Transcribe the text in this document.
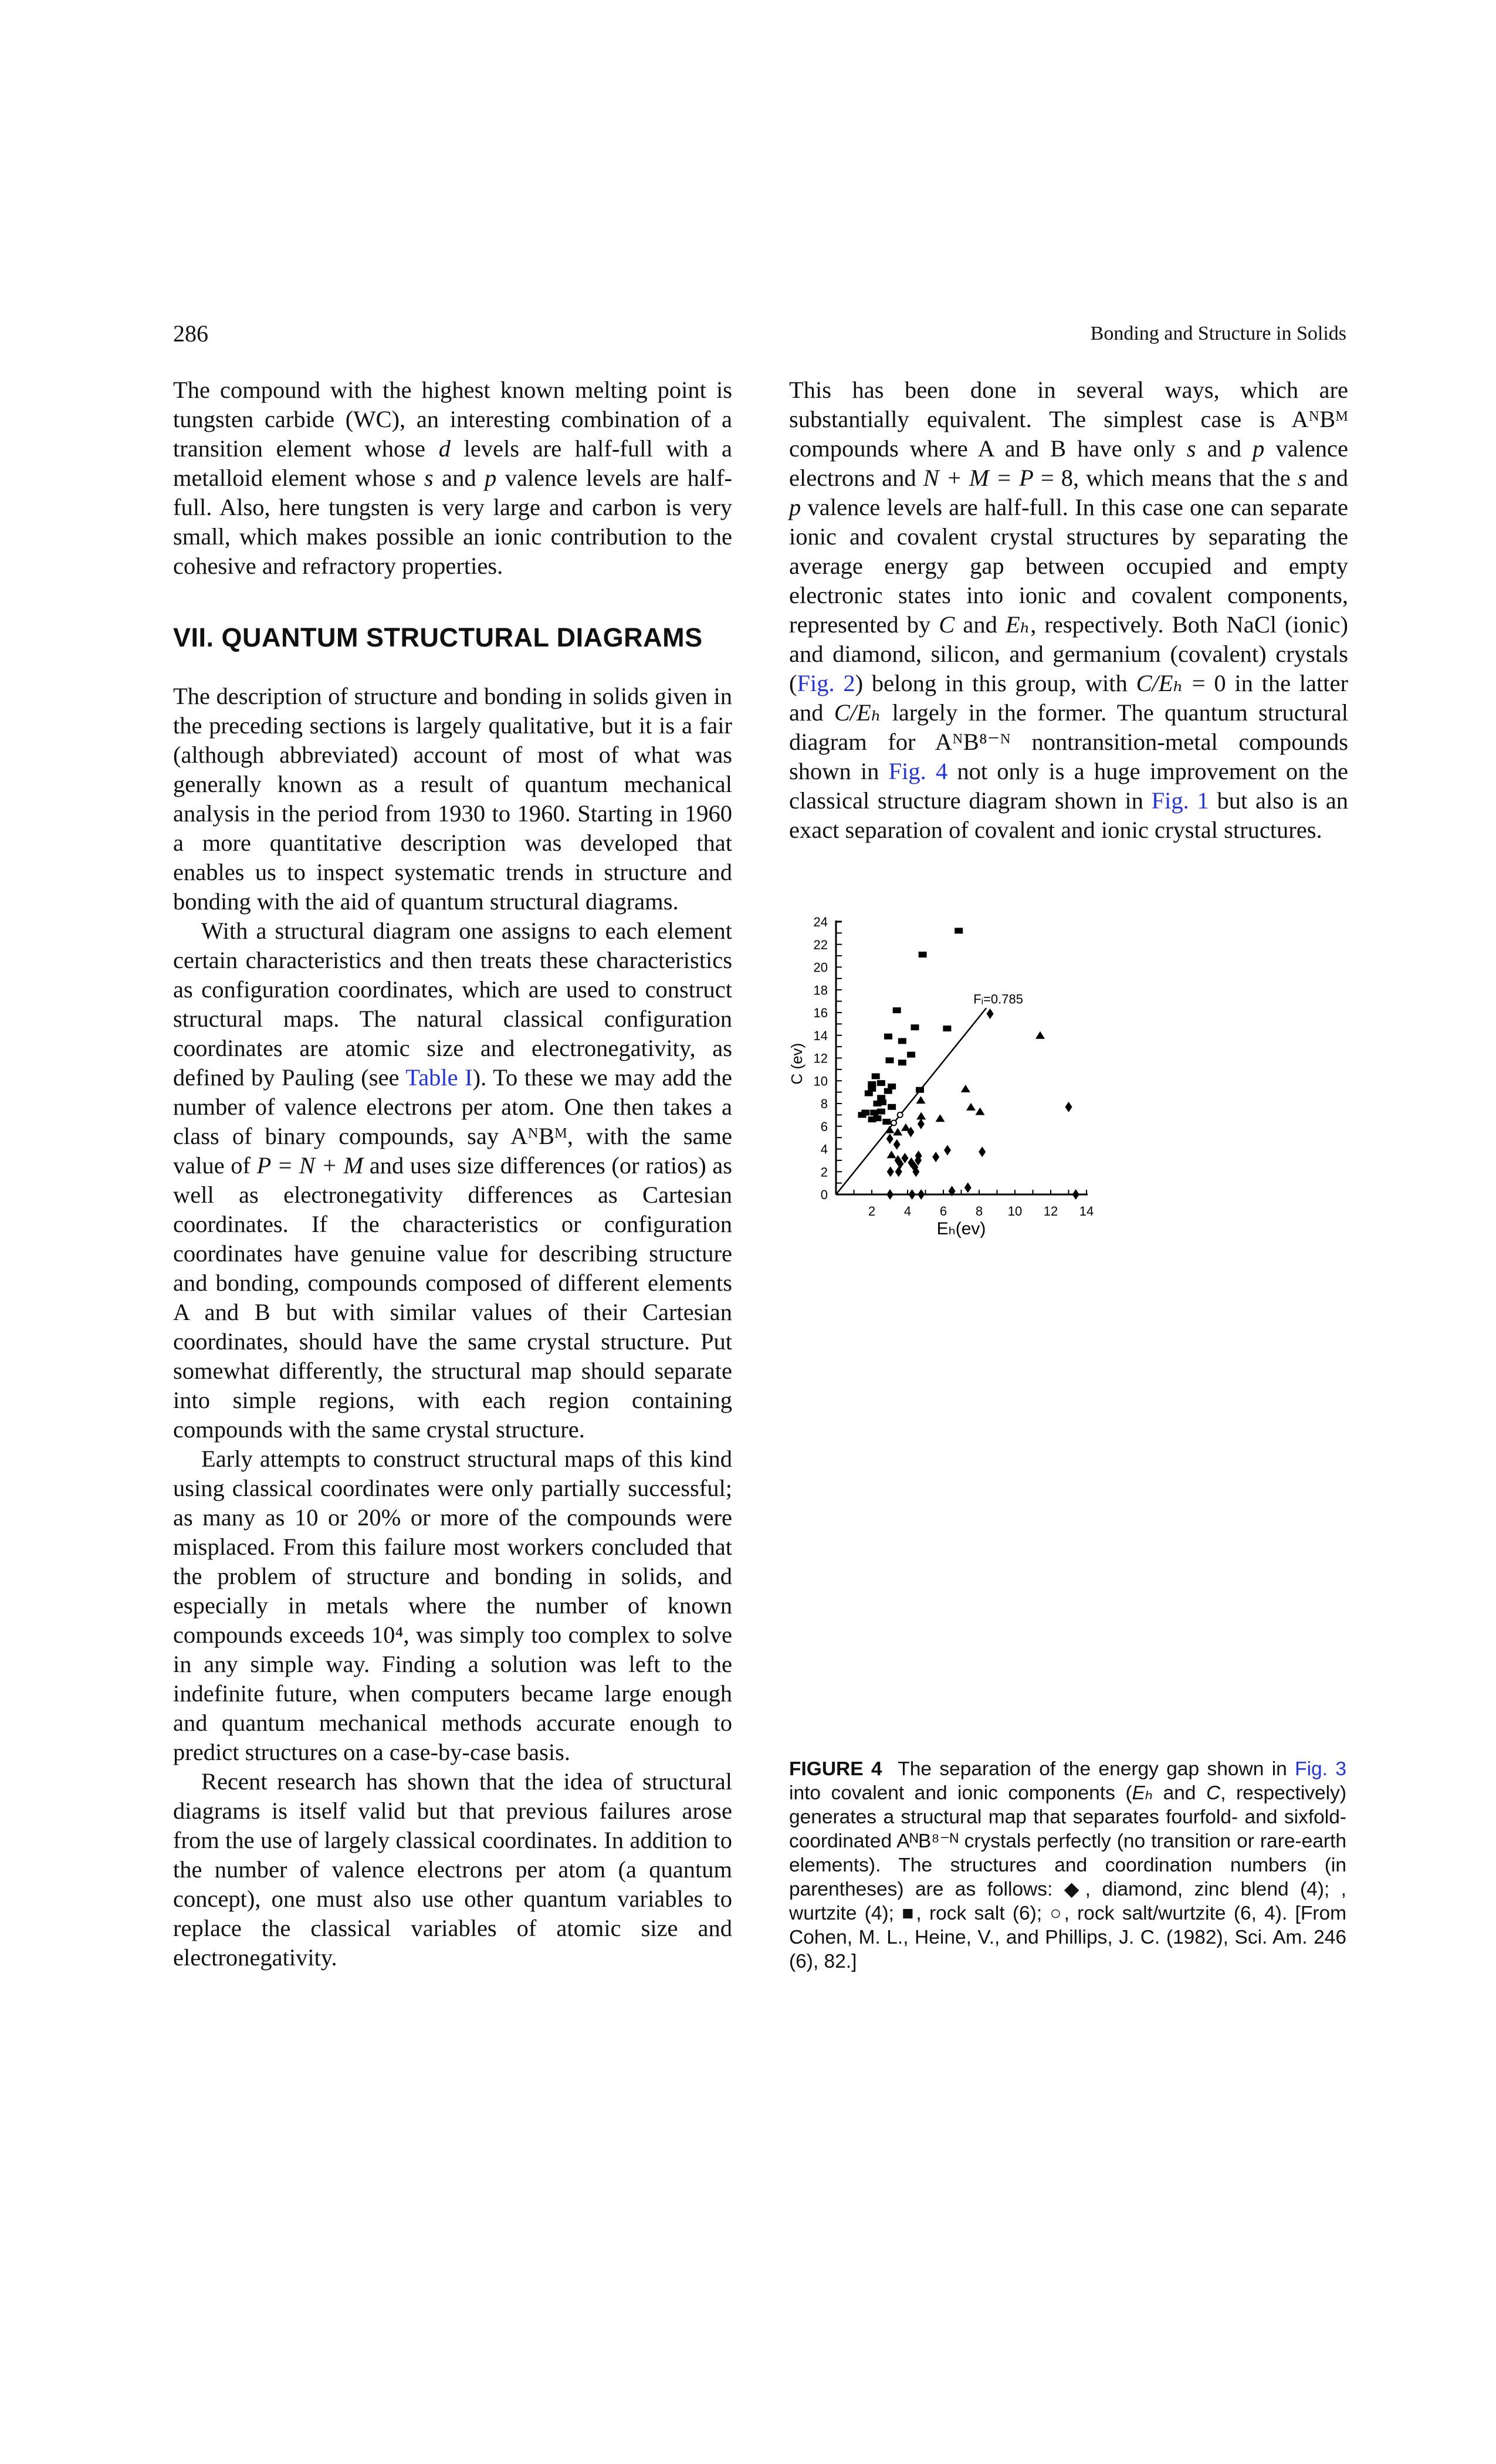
286	Bonding and Structure in Solids

The compound with the highest known melting point is tungsten carbide (WC), an interesting combination of a transition element whose d levels are half-full with a metalloid element whose s and p valence levels are half-full. Also, here tungsten is very large and carbon is very small, which makes possible an ionic contribution to the cohesive and refractory properties.

VII. QUANTUM STRUCTURAL DIAGRAMS

The description of structure and bonding in solids given in the preceding sections is largely qualitative, but it is a fair (although abbreviated) account of most of what was generally known as a result of quantum mechanical analysis in the period from 1930 to 1960. Starting in 1960 a more quantitative description was developed that enables us to inspect systematic trends in structure and bonding with the aid of quantum structural diagrams.

With a structural diagram one assigns to each element certain characteristics and then treats these characteristics as configuration coordinates, which are used to construct structural maps. The natural classical configuration coordinates are atomic size and electronegativity, as defined by Pauling (see Table I). To these we may add the number of valence electrons per atom. One then takes a class of binary compounds, say AᴺBᴹ, with the same value of P = N + M and uses size differences (or ratios) as well as electronegativity differences as Cartesian coordinates. If the characteristics or configuration coordinates have genuine value for describing structure and bonding, compounds composed of different elements A and B but with similar values of their Cartesian coordinates, should have the same crystal structure. Put somewhat differently, the structural map should separate into simple regions, with each region containing compounds with the same crystal structure.

Early attempts to construct structural maps of this kind using classical coordinates were only partially successful; as many as 10 or 20% or more of the compounds were misplaced. From this failure most workers concluded that the problem of structure and bonding in solids, and especially in metals where the number of known compounds exceeds 10⁴, was simply too complex to solve in any simple way. Finding a solution was left to the indefinite future, when computers became large enough and quantum mechanical methods accurate enough to predict structures on a case-by-case basis.

Recent research has shown that the idea of structural diagrams is itself valid but that previous failures arose from the use of largely classical coordinates. In addition to the number of valence electrons per atom (a quantum concept), one must also use other quantum variables to replace the classical variables of atomic size and electronegativity.

This has been done in several ways, which are substantially equivalent. The simplest case is AᴺBᴹ compounds where A and B have only s and p valence electrons and N + M = P = 8, which means that the s and p valence levels are half-full. In this case one can separate ionic and covalent crystal structures by separating the average energy gap between occupied and empty electronic states into ionic and covalent components, represented by C and Eₕ, respectively. Both NaCl (ionic) and diamond, silicon, and germanium (covalent) crystals (Fig. 2) belong in this group, with C/Eₕ = 0 in the latter and C/Eₕ largely in the former. The quantum structural diagram for AᴺB⁸⁻ᴺ nontransition-metal compounds shown in Fig. 4 not only is a huge improvement on the classical structure diagram shown in Fig. 1 but also is an exact separation of covalent and ionic crystal structures.

0
2
4
6
8
10
12
14
16
18
20
22
24
2 4 6 8 10 12 14
Eₕ(ev)
C (ev)
Fᵢ=0.785
FIGURE 4 The separation of the energy gap shown in Fig. 3 into covalent and ionic components (Eₕ and C, respectively) generates a structural map that separates fourfold- and sixfold-coordinated AᴺB⁸⁻ᴺ crystals perfectly (no transition or rare-earth elements). The structures and coordination numbers (in parentheses) are as follows: ◆, diamond, zinc blend (4); , wurtzite (4); ■, rock salt (6); ○, rock salt/wurtzite (6, 4). [From Cohen, M. L., Heine, V., and Phillips, J. C. (1982), Sci. Am. 246 (6), 82.]
